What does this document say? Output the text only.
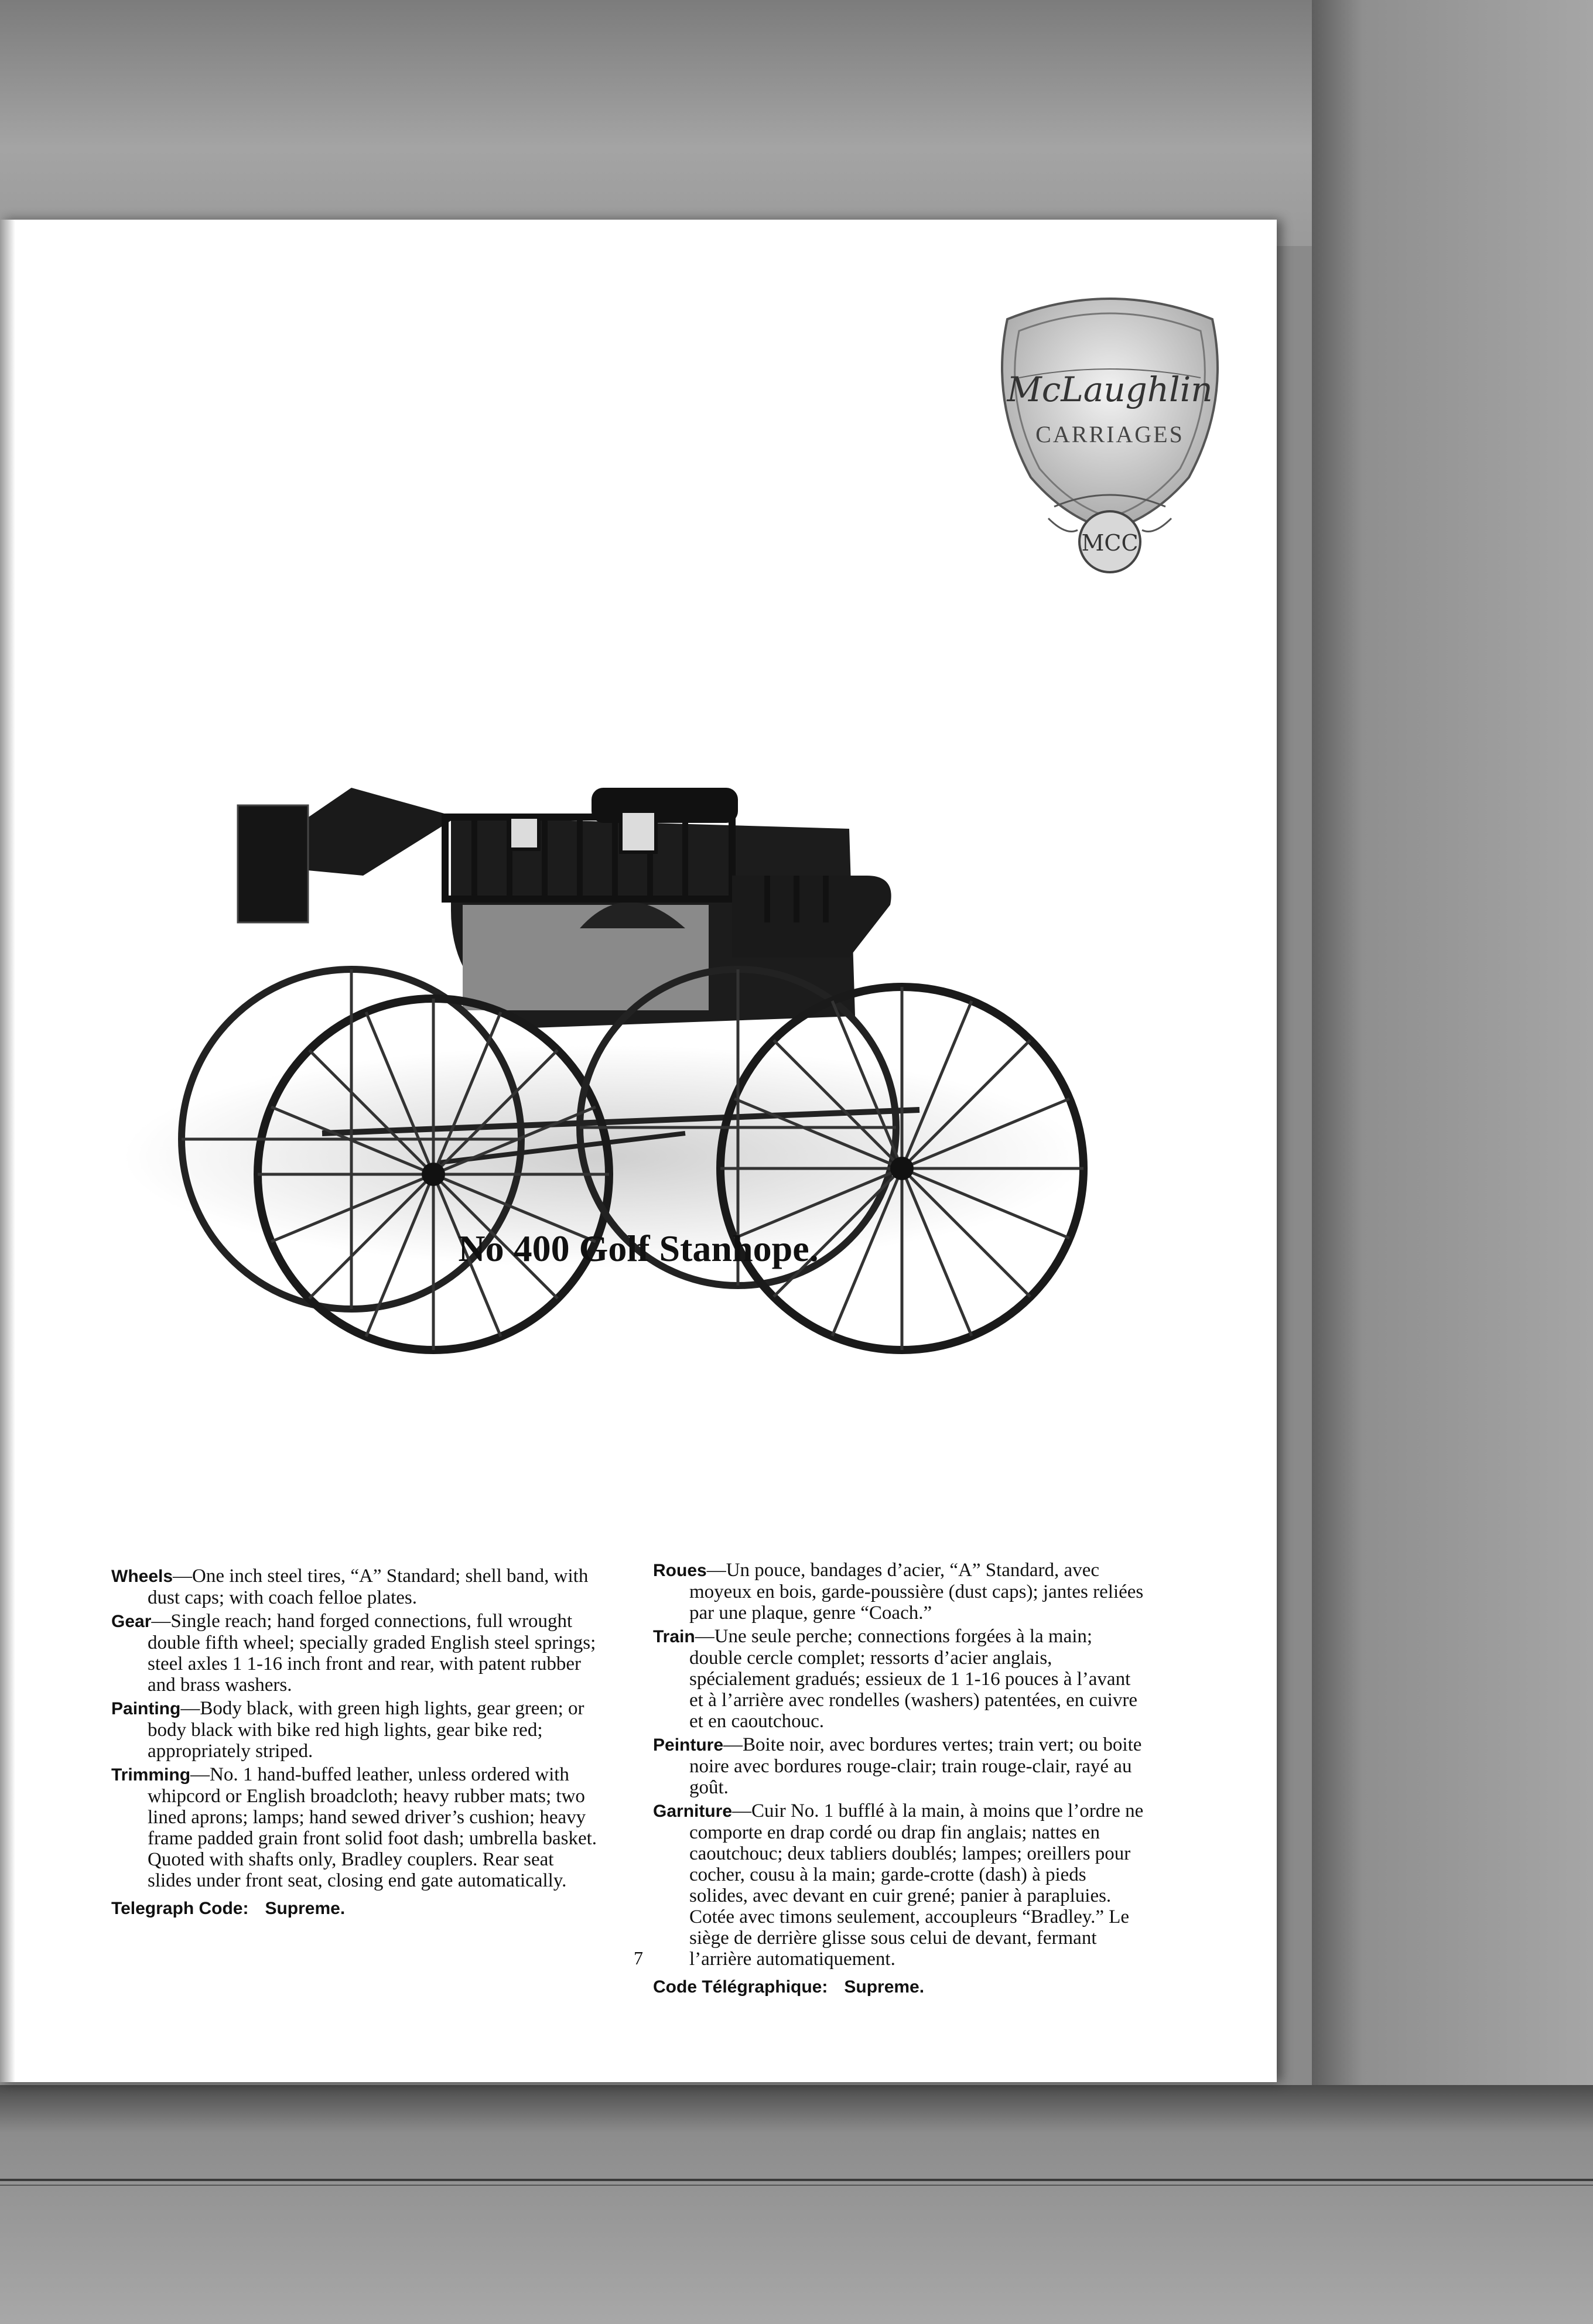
McLaughlin
CARRIAGES
MCC
No 400 Golf Stanhope.

Wheels—One inch steel tires, “A” Standard; shell band, with dust caps; with coach felloe plates.

Gear—Single reach; hand forged connections, full wrought double fifth wheel; specially graded English steel springs; steel axles 1 1-16 inch front and rear, with patent rubber and brass washers.

Painting—Body black, with green high lights, gear green; or body black with bike red high lights, gear bike red; appropriately striped.

Trimming—No. 1 hand-buffed leather, unless ordered with whipcord or English broadcloth; heavy rubber mats; two lined aprons; lamps; hand sewed driver’s cushion; heavy frame padded grain front solid foot dash; umbrella basket. Quoted with shafts only, Bradley couplers. Rear seat slides under front seat, closing end gate automatically.

Telegraph Code: Supreme.

Roues—Un pouce, bandages d’acier, “A” Standard, avec moyeux en bois, garde-poussière (dust caps); jantes reliées par une plaque, genre “Coach.”

Train—Une seule perche; connections forgées à la main; double cercle complet; ressorts d’acier anglais, spécialement gradués; essieux de 1 1-16 pouces à l’avant et à l’arrière avec rondelles (washers) patentées, en cuivre et en caoutchouc.

Peinture—Boite noir, avec bordures vertes; train vert; ou boite noire avec bordures rouge-clair; train rouge-clair, rayé au goût.

Garniture—Cuir No. 1 bufflé à la main, à moins que l’ordre ne comporte en drap cordé ou drap fin anglais; nattes en caoutchouc; deux tabliers doublés; lampes; oreillers pour cocher, cousu à la main; garde-crotte (dash) à pieds solides, avec devant en cuir grené; panier à parapluies. Cotée avec timons seulement, accoupleurs “Bradley.” Le siège de derrière glisse sous celui de devant, fermant l’arrière automatiquement.

Code Télégraphique: Supreme.

7
